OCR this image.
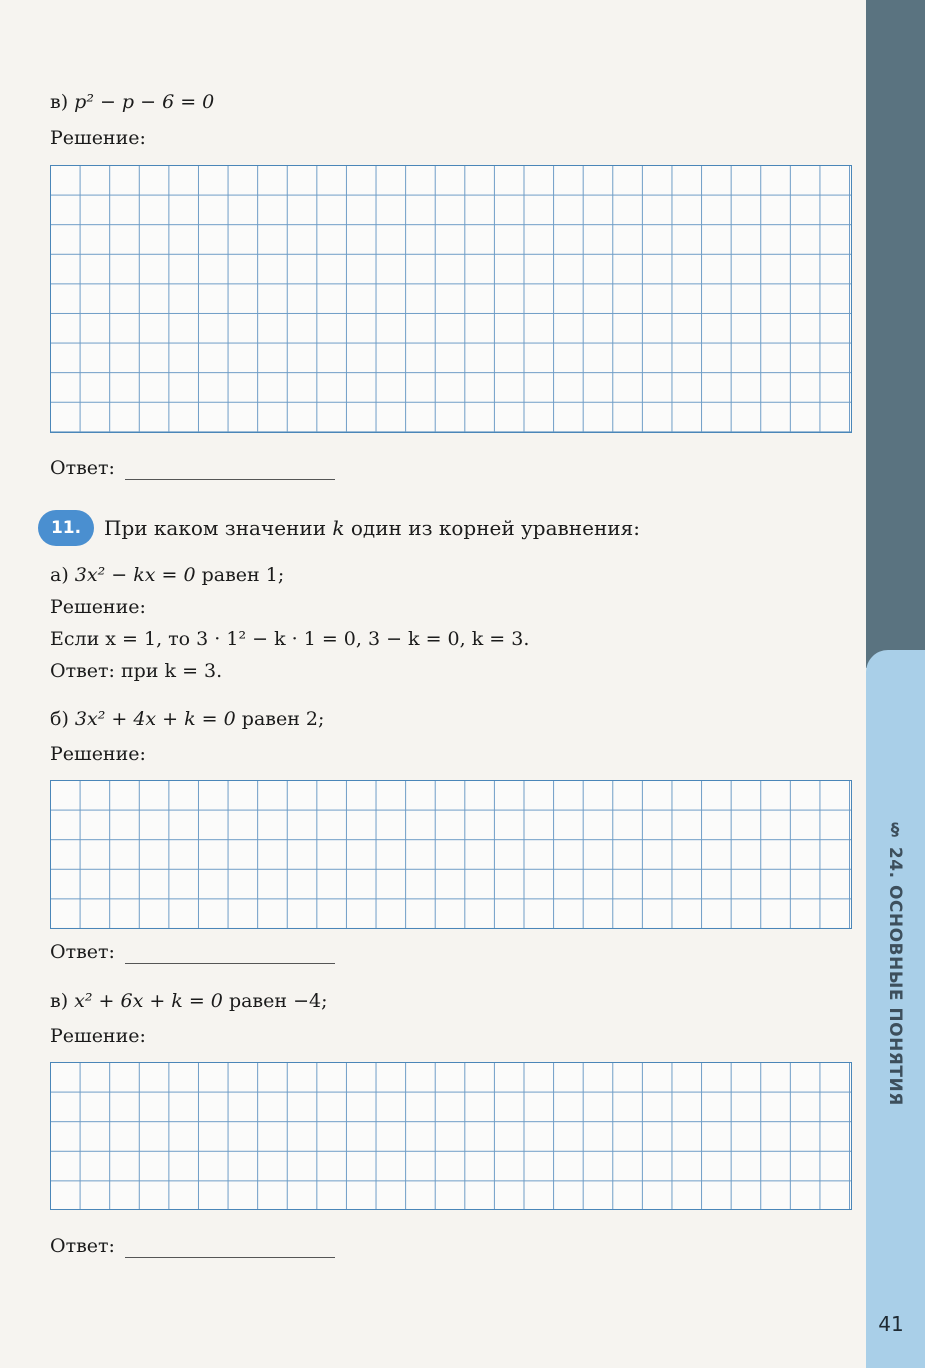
§ 24. ОСНОВНЫЕ ПОНЯТИЯ
41
в) p² − p − 6 = 0
Решение:
Ответ:
11.	При каком значении k один из корней уравнения:
а) 3x² − kx = 0 равен 1;
Решение:
Если x = 1, то 3 · 1² − k · 1 = 0, 3 − k = 0, k = 3.
Ответ: при k = 3.
б) 3x² + 4x + k = 0 равен 2;
Решение:
Ответ:
в) x² + 6x + k = 0 равен −4;
Решение:
Ответ:
